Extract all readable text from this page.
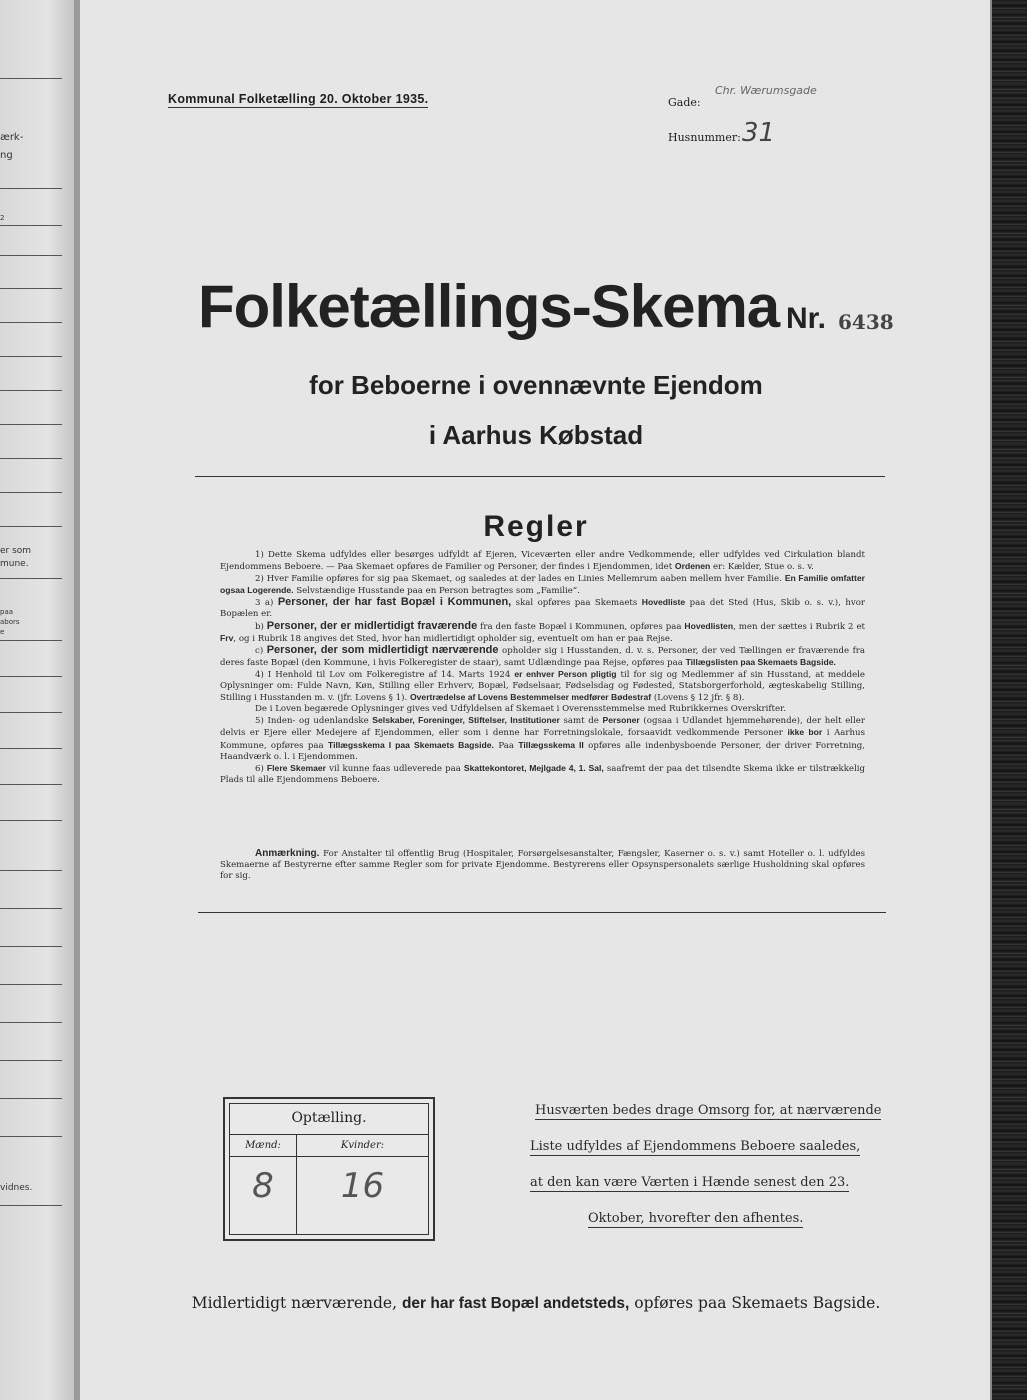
ærk-
ng
2
er som
mune.
paa
abors
e
vidnes.
Kommunal Folketælling 20. Oktober 1935.	Gade:
Chr. Wærumsgade
Husnummer: 31
Folketællings-Skema Nr. 6438
for Beboerne i ovennævnte Ejendom
i Aarhus Købstad
Regler

1) Dette Skema udfyldes eller besørges udfyldt af Ejeren, Viceværten eller andre Vedkommende, eller udfyldes ved Cirkulation blandt Ejendommens Beboere. — Paa Skemaet opføres de Familier og Personer, der findes i Ejendommen, idet Ordenen er: Kælder, Stue o. s. v.

2) Hver Familie opføres for sig paa Skemaet, og saaledes at der lades en Linies Mellemrum aaben mellem hver Familie. En Familie omfatter ogsaa Logerende. Selvstændige Husstande paa en Person betragtes som „Familie“.

3 a) Personer, der har fast Bopæl i Kommunen, skal opføres paa Skemaets Hovedliste paa det Sted (Hus, Skib o. s. v.), hvor Bopælen er.

b) Personer, der er midlertidigt fraværende fra den faste Bopæl i Kommunen, opføres paa Hovedlisten, men der sættes i Rubrik 2 et Frv, og i Rubrik 18 angives det Sted, hvor han midlertidigt opholder sig, eventuelt om han er paa Rejse.

c) Personer, der som midlertidigt nærværende opholder sig i Husstanden, d. v. s. Personer, der ved Tællingen er fraværende fra deres faste Bopæl (den Kommune, i hvis Folkeregister de staar), samt Udlændinge paa Rejse, opføres paa Tillægslisten paa Skemaets Bagside.

4) I Henhold til Lov om Folkeregistre af 14. Marts 1924 er enhver Person pligtig til for sig og Medlemmer af sin Husstand, at meddele Oplysninger om: Fulde Navn, Køn, Stilling eller Erhverv, Bopæl, Fødselsaar, Fødselsdag og Fødested, Statsborgerforhold, ægteskabelig Stilling, Stilling i Husstanden m. v. (jfr. Lovens § 1). Overtrædelse af Lovens Bestemmelser medfører Bødestraf (Lovens § 12 jfr. § 8).

De i Loven begærede Oplysninger gives ved Udfyldelsen af Skemaet i Overensstemmelse med Rubrikkernes Overskrifter.

5) Inden- og udenlandske Selskaber, Foreninger, Stiftelser, Institutioner samt de Personer (ogsaa i Udlandet hjemmehørende), der helt eller delvis er Ejere eller Medejere af Ejendommen, eller som i denne har Forretningslokale, forsaavidt vedkommende Personer ikke bor i Aarhus Kommune, opføres paa Tillægsskema I paa Skemaets Bagside. Paa Tillægsskema II opføres alle indenbysboende Personer, der driver Forretning, Haandværk o. l. i Ejendommen.

6) Flere Skemaer vil kunne faas udleverede paa Skattekontoret, Mejlgade 4, 1. Sal, saafremt der paa det tilsendte Skema ikke er tilstrækkelig Plads til alle Ejendommens Beboere.

Anmærkning. For Anstalter til offentlig Brug (Hospitaler, Forsørgelsesanstalter, Fængsler, Kaserner o. s. v.) samt Hoteller o. l. udfyldes Skemaerne af Bestyrerne efter samme Regler som for private Ejendomme. Bestyrerens eller Opsynspersonalets særlige Husholdning skal opføres for sig.

Optælling.
Mænd:	Kvinder:
8	16
Husværten bedes drage Omsorg for, at nærværende
Liste udfyldes af Ejendommens Beboere saaledes,
at den kan være Værten i Hænde senest den 23.
Oktober, hvorefter den afhentes.
Midlertidigt nærværende, der har fast Bopæl andetsteds, opføres paa Skemaets Bagside.
